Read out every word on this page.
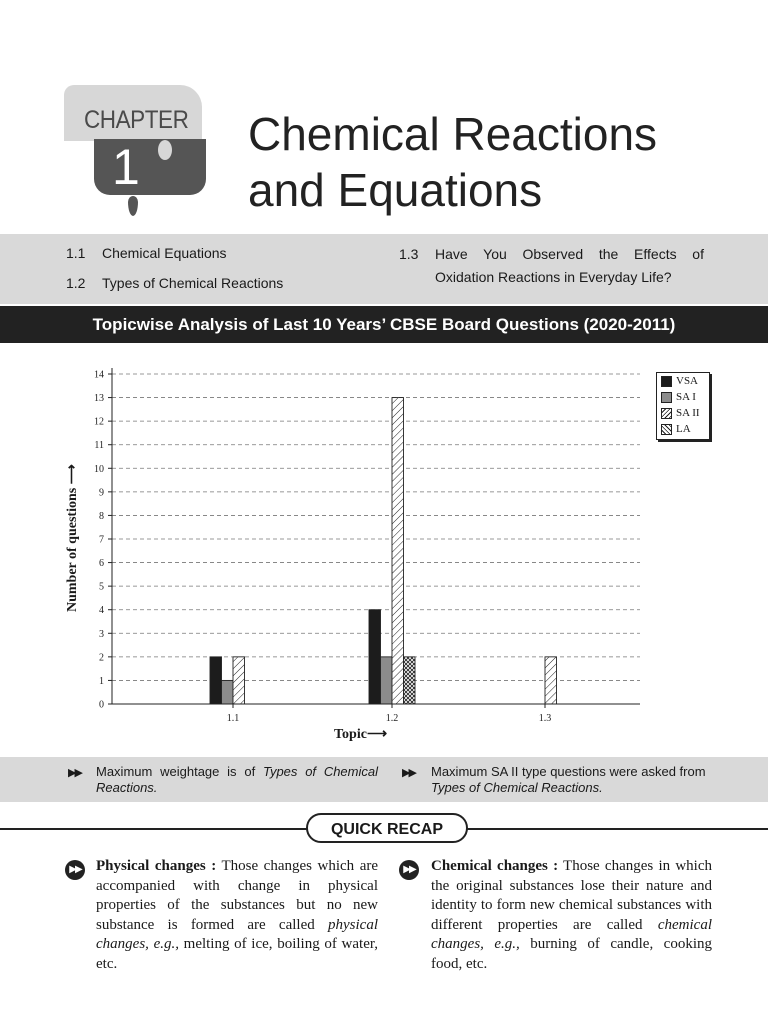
CHAPTER
1
Chemical Reactions
and Equations
1.1 Chemical Equations
1.2 Types of Chemical Reactions
1.3	Have You Observed the Effects of
Oxidation Reactions in Everyday Life?
Topicwise Analysis of Last 10 Years’ CBSE Board Questions (2020-2011)
0
1
2
3
4
5
6
7
8
9
10
11
12
13
14
1.1	1.2	1.3
Number of questions ⟶
Topic⟶
VSA
SA I
SA II
LA
▶▶ Maximum weightage is of Types of Chemical Reactions.
▶▶ Maximum SA II type questions were asked from Types of Chemical Reactions.
QUICK RECAP
▶▶ Physical changes : Those changes which are accompanied with change in physical properties of the substances but no new substance is formed are called physical changes, e.g., melting of ice, boiling of water, etc.
▶▶ Chemical changes : Those changes in which the original substances lose their nature and identity to form new chemical substances with different properties are called chemical changes, e.g., burning of candle, cooking food, etc.
